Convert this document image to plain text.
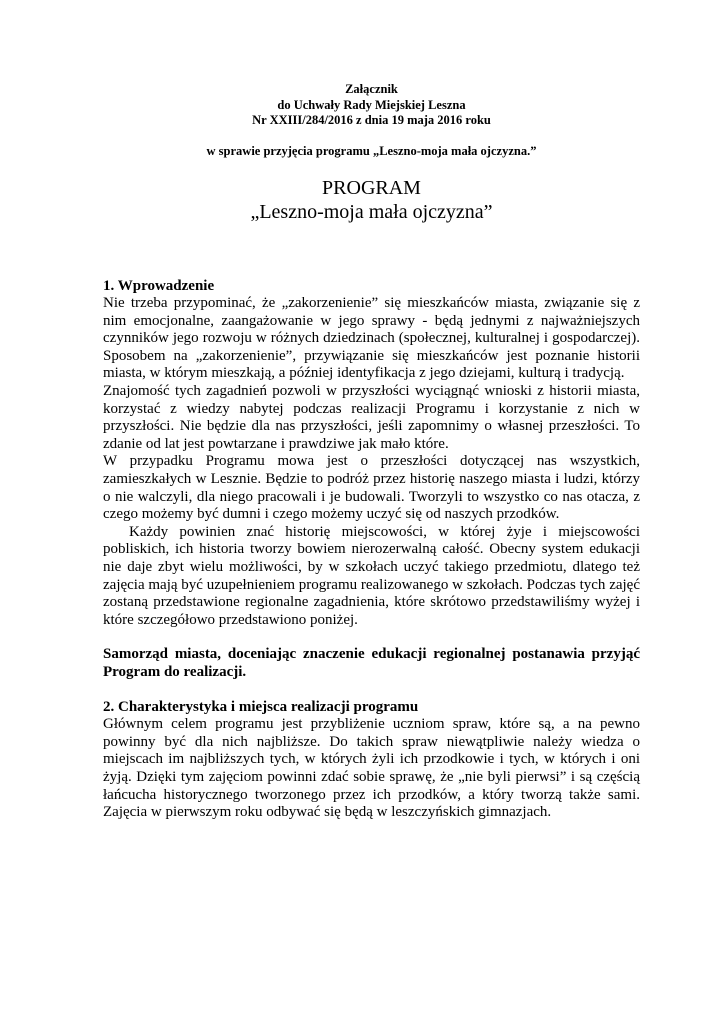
Załącznik
do Uchwały Rady Miejskiej Leszna
Nr XXIII/284/2016 z dnia 19 maja 2016 roku
w sprawie przyjęcia programu „Leszno-moja mała ojczyzna.”
PROGRAM
„Leszno-moja mała ojczyzna”
1. Wprowadzenie

Nie trzeba przypominać, że „zakorzenienie” się mieszkańców miasta, związanie się z nim emocjonalne, zaangażowanie w jego sprawy - będą jednymi z najważniejszych czynników jego rozwoju w różnych dziedzinach (społecznej, kulturalnej i gospodarczej). Sposobem na „zakorzenienie”, przywiązanie się mieszkańców jest poznanie historii miasta, w którym mieszkają, a później identyfikacja z jego dziejami, kulturą i tradycją.

Znajomość tych zagadnień pozwoli w przyszłości wyciągnąć wnioski z historii miasta, korzystać z wiedzy nabytej podczas realizacji Programu i korzystanie z nich w przyszłości. Nie będzie dla nas przyszłości, jeśli zapomnimy o własnej przeszłości. To zdanie od lat jest powtarzane i prawdziwe jak mało które.

W przypadku Programu mowa jest o przeszłości dotyczącej nas wszystkich, zamieszkałych w Lesznie. Będzie to podróż przez historię naszego miasta i ludzi, którzy o nie walczyli, dla niego pracowali i je budowali. Tworzyli to wszystko co nas otacza, z czego możemy być dumni i czego możemy uczyć się od naszych przodków.

Każdy powinien znać historię miejscowości, w której żyje i miejscowości pobliskich, ich historia tworzy bowiem nierozerwalną całość. Obecny system edukacji nie daje zbyt wielu możliwości, by w szkołach uczyć takiego przedmiotu, dlatego też zajęcia mają być uzupełnieniem programu realizowanego w szkołach. Podczas tych zajęć zostaną przedstawione regionalne zagadnienia, które skrótowo przedstawiliśmy wyżej i które szczegółowo przedstawiono poniżej.

Samorząd miasta, doceniając znaczenie edukacji regionalnej postanawia przyjąć Program do realizacji.

2. Charakterystyka i miejsca realizacji programu

Głównym celem programu jest przybliżenie uczniom spraw, które są, a na pewno powinny być dla nich najbliższe. Do takich spraw niewątpliwie należy wiedza o miejscach im najbliższych tych, w których żyli ich przodkowie i tych, w których i oni żyją. Dzięki tym zajęciom powinni zdać sobie sprawę, że „nie byli pierwsi” i są częścią łańcucha historycznego tworzonego przez ich przodków, a który tworzą także sami. Zajęcia w pierwszym roku odbywać się będą w leszczyńskich gimnazjach.
